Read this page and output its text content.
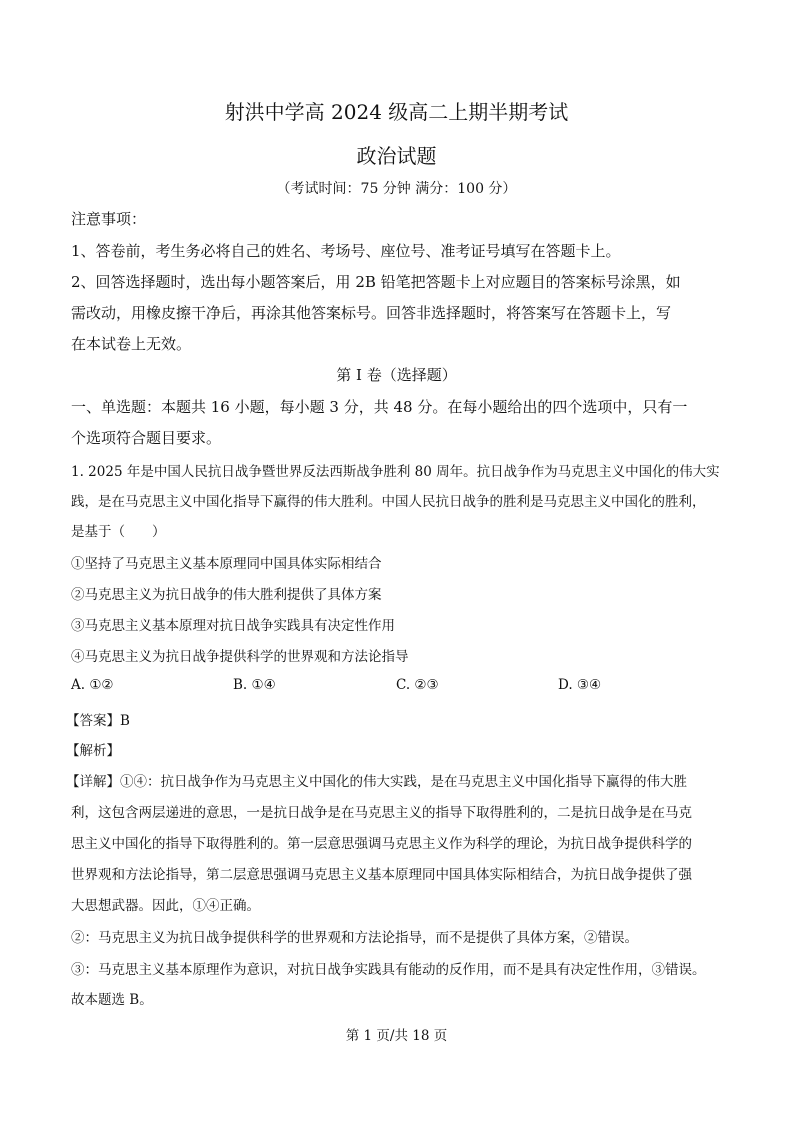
射洪中学高 2024 级高二上期半期考试
政治试题
（考试时间：75 分钟 满分：100 分）
注意事项：
1、答卷前，考生务必将自己的姓名、考场号、座位号、准考证号填写在答题卡上。
2、回答选择题时，选出每小题答案后，用 2B 铅笔把答题卡上对应题目的答案标号涂黑，如
需改动，用橡皮擦干净后，再涂其他答案标号。回答非选择题时，将答案写在答题卡上，写
在本试卷上无效。
第 I 卷（选择题）
一、单选题：本题共 16 小题，每小题 3 分，共 48 分。在每小题给出的四个选项中，只有一
个选项符合题目要求。
1. 2025 年是中国人民抗日战争暨世界反法西斯战争胜利 80 周年。抗日战争作为马克思主义中国化的伟大实
践，是在马克思主义中国化指导下赢得的伟大胜利。中国人民抗日战争的胜利是马克思主义中国化的胜利，
是基于（　　）
①坚持了马克思主义基本原理同中国具体实际相结合
②马克思主义为抗日战争的伟大胜利提供了具体方案
③马克思主义基本原理对抗日战争实践具有决定性作用
④马克思主义为抗日战争提供科学的世界观和方法论指导
A. ①②	B. ①④	C. ②③	D. ③④
【答案】B
【解析】
【详解】①④：抗日战争作为马克思主义中国化的伟大实践，是在马克思主义中国化指导下赢得的伟大胜
利，这包含两层递进的意思，一是抗日战争是在马克思主义的指导下取得胜利的，二是抗日战争是在马克
思主义中国化的指导下取得胜利的。第一层意思强调马克思主义作为科学的理论，为抗日战争提供科学的
世界观和方法论指导，第二层意思强调马克思主义基本原理同中国具体实际相结合，为抗日战争提供了强
大思想武器。因此，①④正确。
②：马克思主义为抗日战争提供科学的世界观和方法论指导，而不是提供了具体方案，②错误。
③：马克思主义基本原理作为意识，对抗日战争实践具有能动的反作用，而不是具有决定性作用，③错误。
故本题选 B。
第 1 页/共 18 页
